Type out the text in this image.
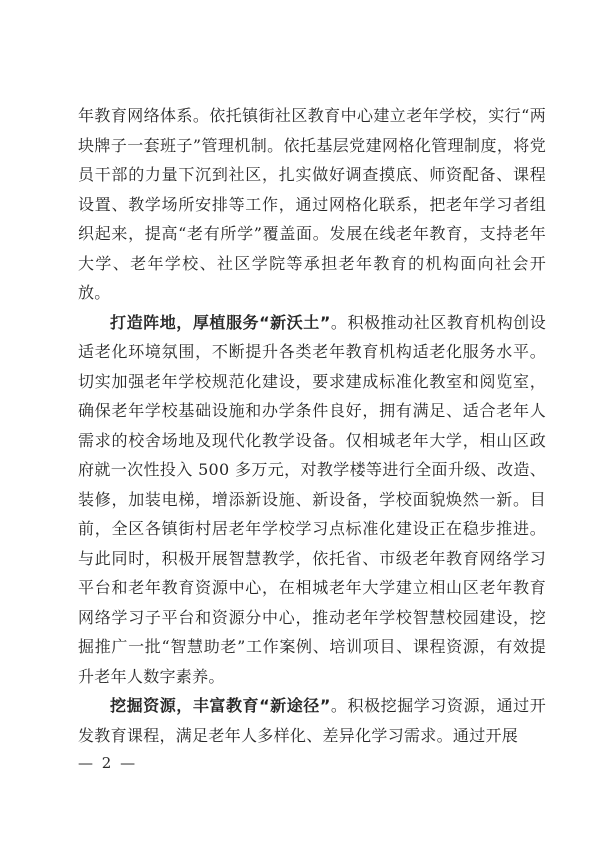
年教育网络体系。依托镇街社区教育中心建立老年学校，实行“两块牌子一套班子”管理机制。依托基层党建网格化管理制度，将党员干部的力量下沉到社区，扎实做好调查摸底、师资配备、课程设置、教学场所安排等工作，通过网格化联系，把老年学习者组织起来，提高“老有所学”覆盖面。发展在线老年教育，支持老年大学、老年学校、社区学院等承担老年教育的机构面向社会开放。

打造阵地，厚植服务“新沃土”。积极推动社区教育机构创设适老化环境氛围，不断提升各类老年教育机构适老化服务水平。切实加强老年学校规范化建设，要求建成标准化教室和阅览室，确保老年学校基础设施和办学条件良好，拥有满足、适合老年人需求的校舍场地及现代化教学设备。仅相城老年大学，相山区政府就一次性投入 500 多万元，对教学楼等进行全面升级、改造、装修，加装电梯，增添新设施、新设备，学校面貌焕然一新。目前，全区各镇街村居老年学校学习点标准化建设正在稳步推进。与此同时，积极开展智慧教学，依托省、市级老年教育网络学习平台和老年教育资源中心，在相城老年大学建立相山区老年教育网络学习子平台和资源分中心，推动老年学校智慧校园建设，挖掘推广一批“智慧助老”工作案例、培训项目、课程资源，有效提升老年人数字素养。

挖掘资源，丰富教育“新途径”。积极挖掘学习资源，通过开发教育课程，满足老年人多样化、差异化学习需求。通过开展

— 2 —
